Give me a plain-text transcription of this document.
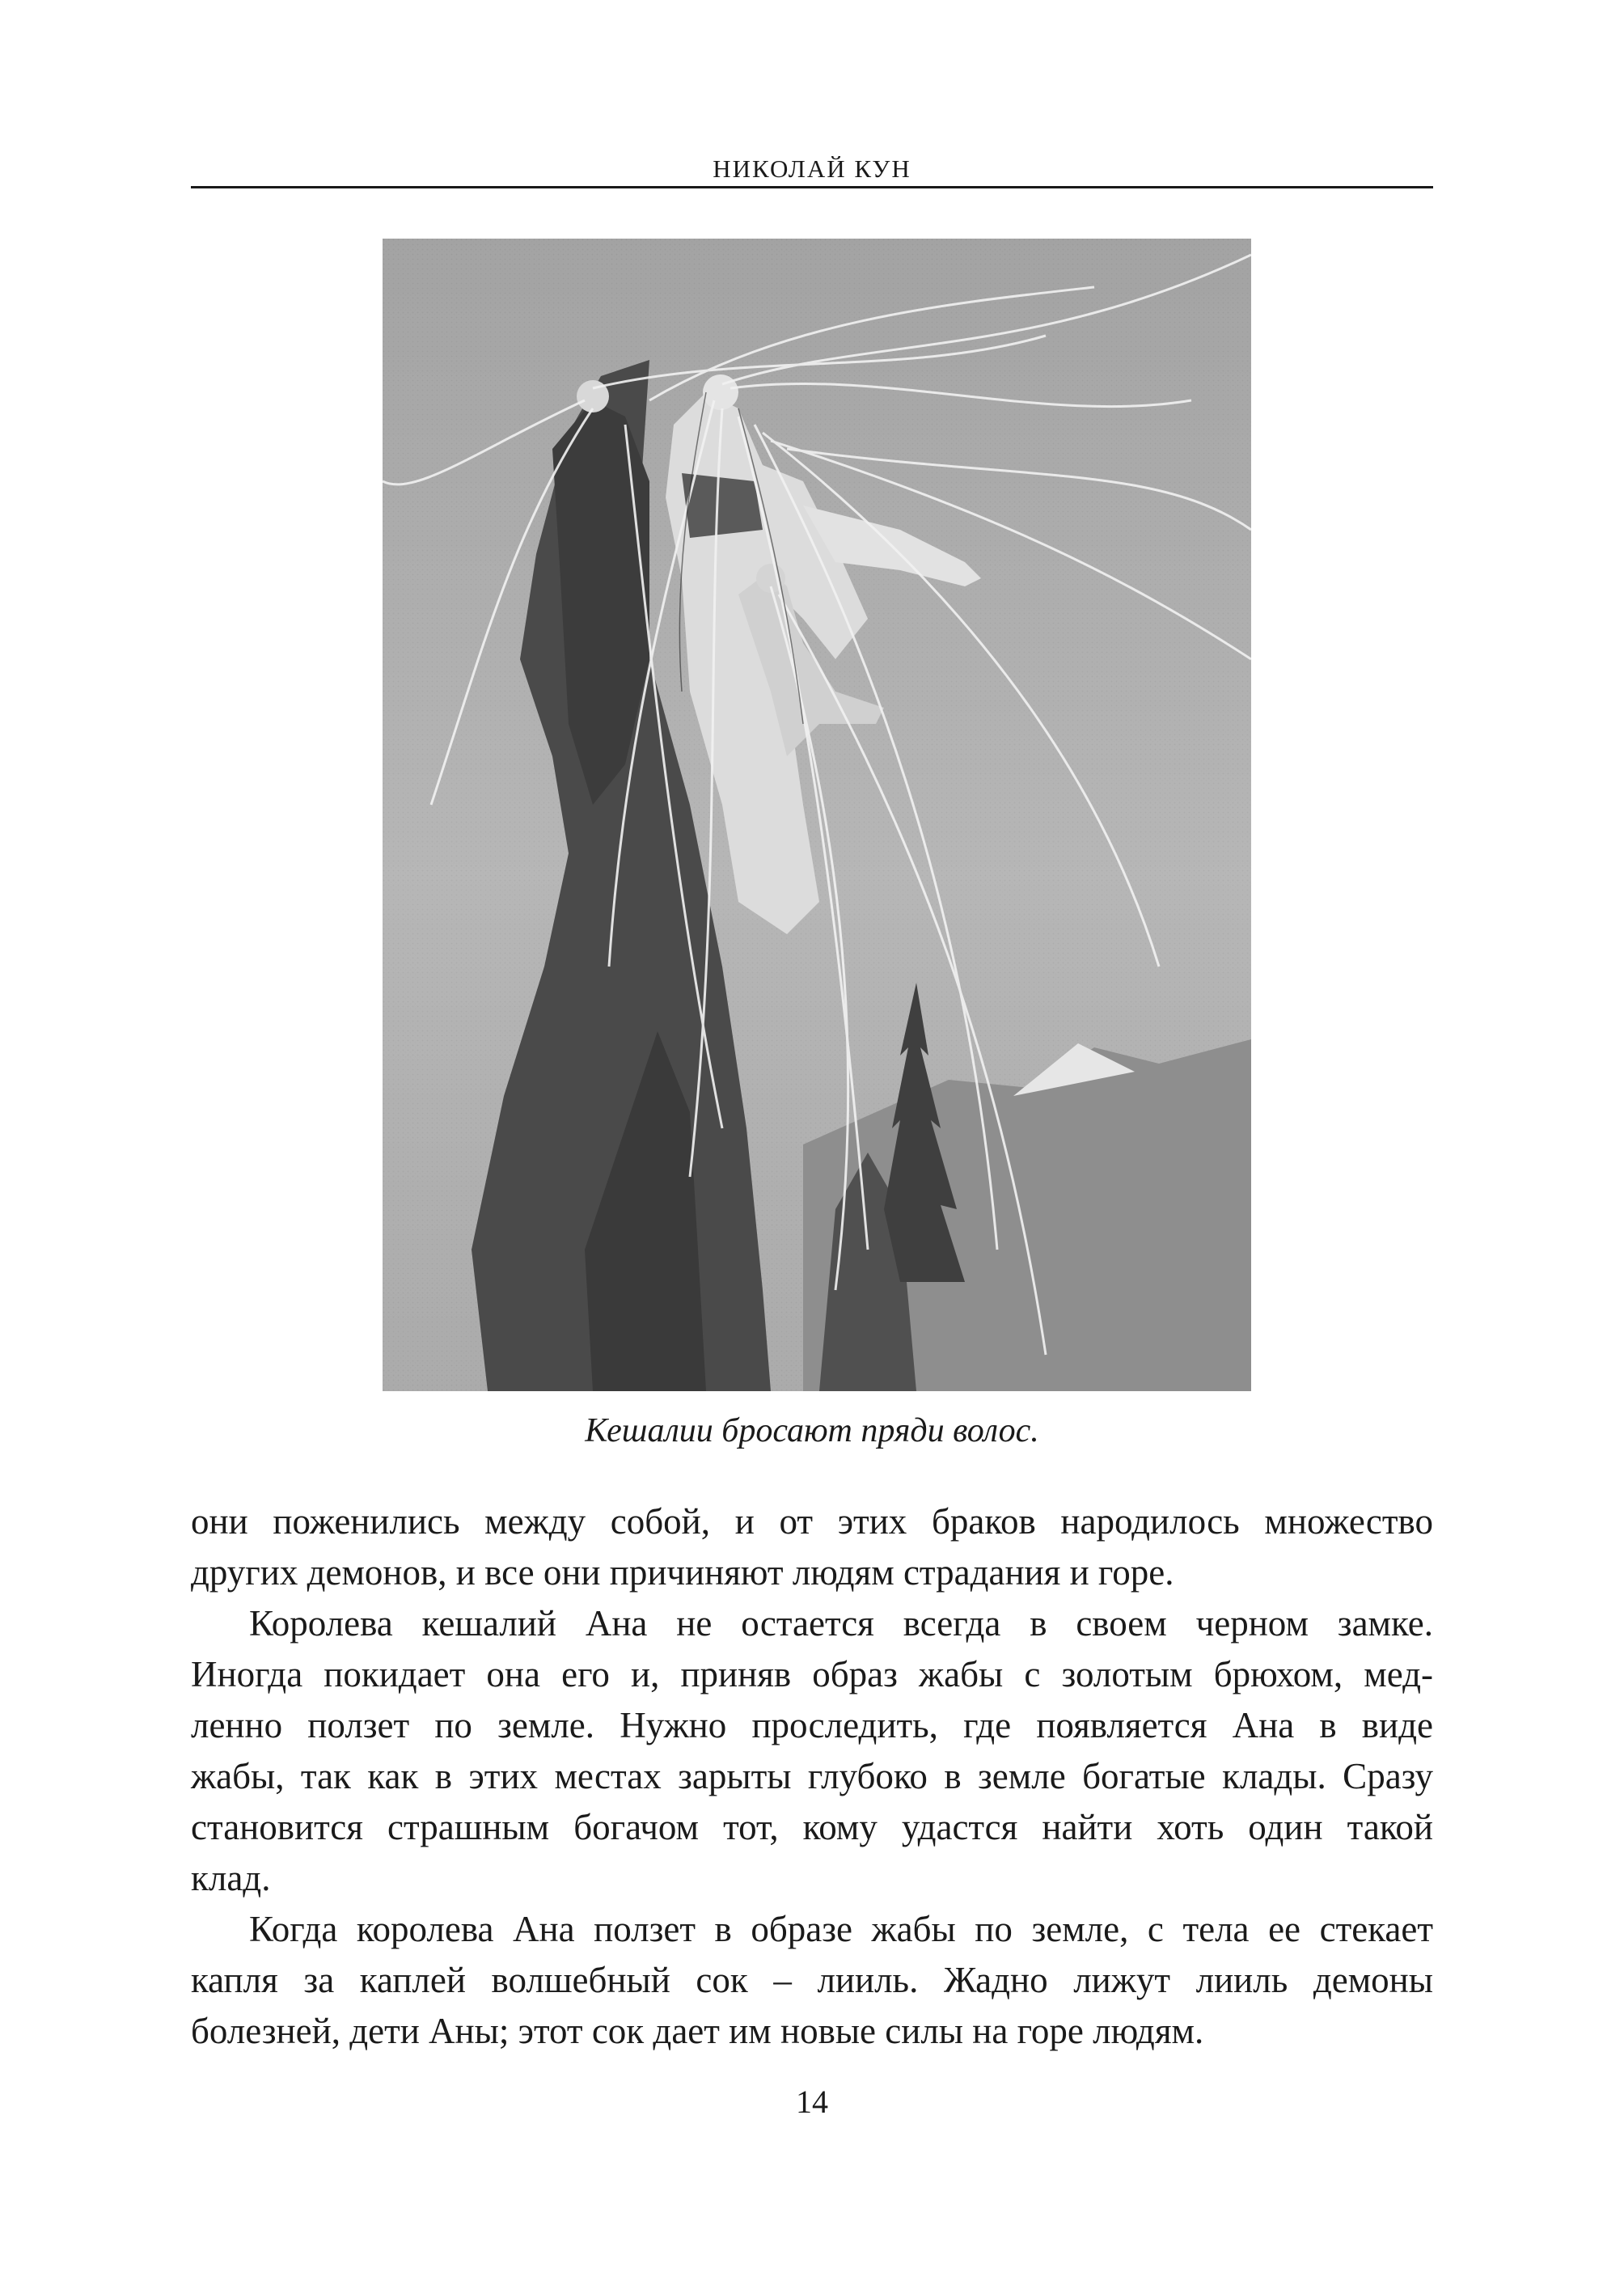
НИКОЛАЙ КУН
Кешалии бросают пряди волос.
они поженились между собой, и от этих браков народилось множество
других демонов, и все они причиняют людям страдания и горе.
Королева кешалий Ана не остается всегда в своем черном замке.
Иногда покидает она его и, приняв образ жабы с золотым брюхом, мед-
ленно ползет по земле. Нужно проследить, где появляется Ана в виде
жабы, так как в этих местах зарыты глубоко в земле богатые клады. Сразу
становится страшным богачом тот, кому удастся найти хоть один такой
клад.
Когда королева Ана ползет в образе жабы по земле, с тела ее стекает
капля за каплей волшебный сок – лииль. Жадно лижут лииль демоны
болезней, дети Аны; этот сок дает им новые силы на горе людям.
14
